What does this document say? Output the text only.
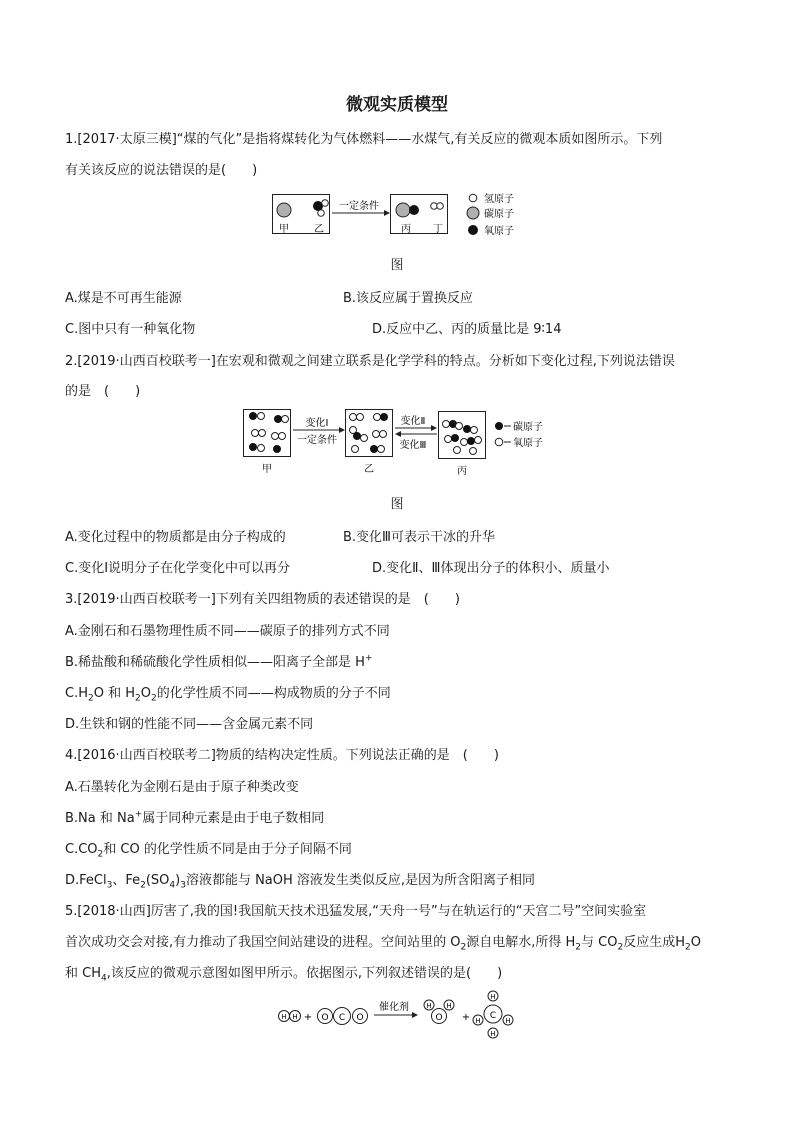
微观实质模型
1.[2017·太原三模]“煤的气化”是指将煤转化为气体燃料——水煤气,有关反应的微观本质如图所示。下列
有关该反应的说法错误的是(　　)
甲	乙
一定条件
丙 丁
氢原子
碳原子
氧原子
图
A.煤是不可再生能源	B.该反应属于置换反应
C.图中只有一种氧化物	D.反应中乙、丙的质量比是 9∶14
2.[2019·山西百校联考一]在宏观和微观之间建立联系是化学学科的特点。分析如下变化过程,下列说法错误
的是　(　　)
甲
变化Ⅰ
一定条件
乙
变化Ⅱ
变化Ⅲ
丙
碳原子
氧原子
图
A.变化过程中的物质都是由分子构成的	B.变化Ⅲ可表示干冰的升华
C.变化Ⅰ说明分子在化学变化中可以再分	D.变化Ⅱ、Ⅲ体现出分子的体积小、质量小
3.[2019·山西百校联考一]下列有关四组物质的表述错误的是　(　　)
A.金刚石和石墨物理性质不同——碳原子的排列方式不同
B.稀盐酸和稀硫酸化学性质相似——阳离子全部是 H+
$C.H_2O$ 和 $H_2O_2$的化学性质不同——构成物质的分子不同
D.生铁和钢的性能不同——含金属元素不同
4.[2016·山西百校联考二]物质的结构决定性质。下列说法正确的是　(　　)
A.石墨转化为金刚石是由于原子种类改变
B.Na 和 Na+属于同种元素是由于电子数相同
$C.CO_2$和 CO 的化学性质不同是由于分子间隔不同
D.FeCl$_3$、$Fe_2(SO_4)_3$溶液都能与 NaOH 溶液发生类似反应,是因为所含阳离子相同
5.[2018·山西]厉害了,我的国!我国航天技术迅猛发展,“天舟一号”与在轨运行的“天宫二号”空间实验室
首次成功交会对接,有力推动了我国空间站建设的进程。空间站里的 $O_2$源自电解水,所得 $H_2$与 $CO_2$反应生成$H_2O$
和 $CH_4$,该反应的微观示意图如图甲所示。依据图示,下列叙述错误的是(　　)
H H + O C O
催化剂 H H
O +
H
H	H
H
C
